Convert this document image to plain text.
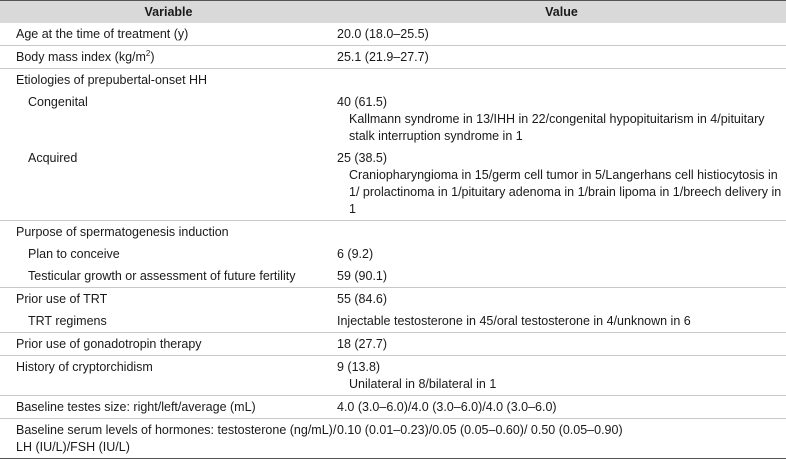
Variable	Value
Age at the time of treatment (y)	20.0 (18.0–25.5)
Body mass index $(kg/m^2)$	25.1 (21.9–27.7)
Etiologies of prepubertal-onset HH
Congenital	40 (61.5)
Kallmann syndrome in 13/IHH in 22/congenital hypopituitarism in 4/pituitary stalk interruption syndrome in 1
Acquired	25 (38.5)
Craniopharyngioma in 15/germ cell tumor in 5/Langerhans cell histiocytosis in 1/ prolactinoma in 1/pituitary adenoma in 1/brain lipoma in 1/breech delivery in 1
Purpose of spermatogenesis induction
Plan to conceive	6 (9.2)
Testicular growth or assessment of future fertility	59 (90.1)
Prior use of TRT	55 (84.6)
TRT regimens	Injectable testosterone in 45/oral testosterone in 4/unknown in 6
Prior use of gonadotropin therapy	18 (27.7)
History of cryptorchidism	9 (13.8)
Unilateral in 8/bilateral in 1
Baseline testes size: right/left/average (mL)	4.0 (3.0–6.0)/4.0 (3.0–6.0)/4.0 (3.0–6.0)
Baseline serum levels of hormones: testosterone (ng/mL)/ LH (IU/L)/FSH (IU/L)
0.10 (0.01–0.23)/0.05 (0.05–0.60)/ 0.50 (0.05–0.90)
